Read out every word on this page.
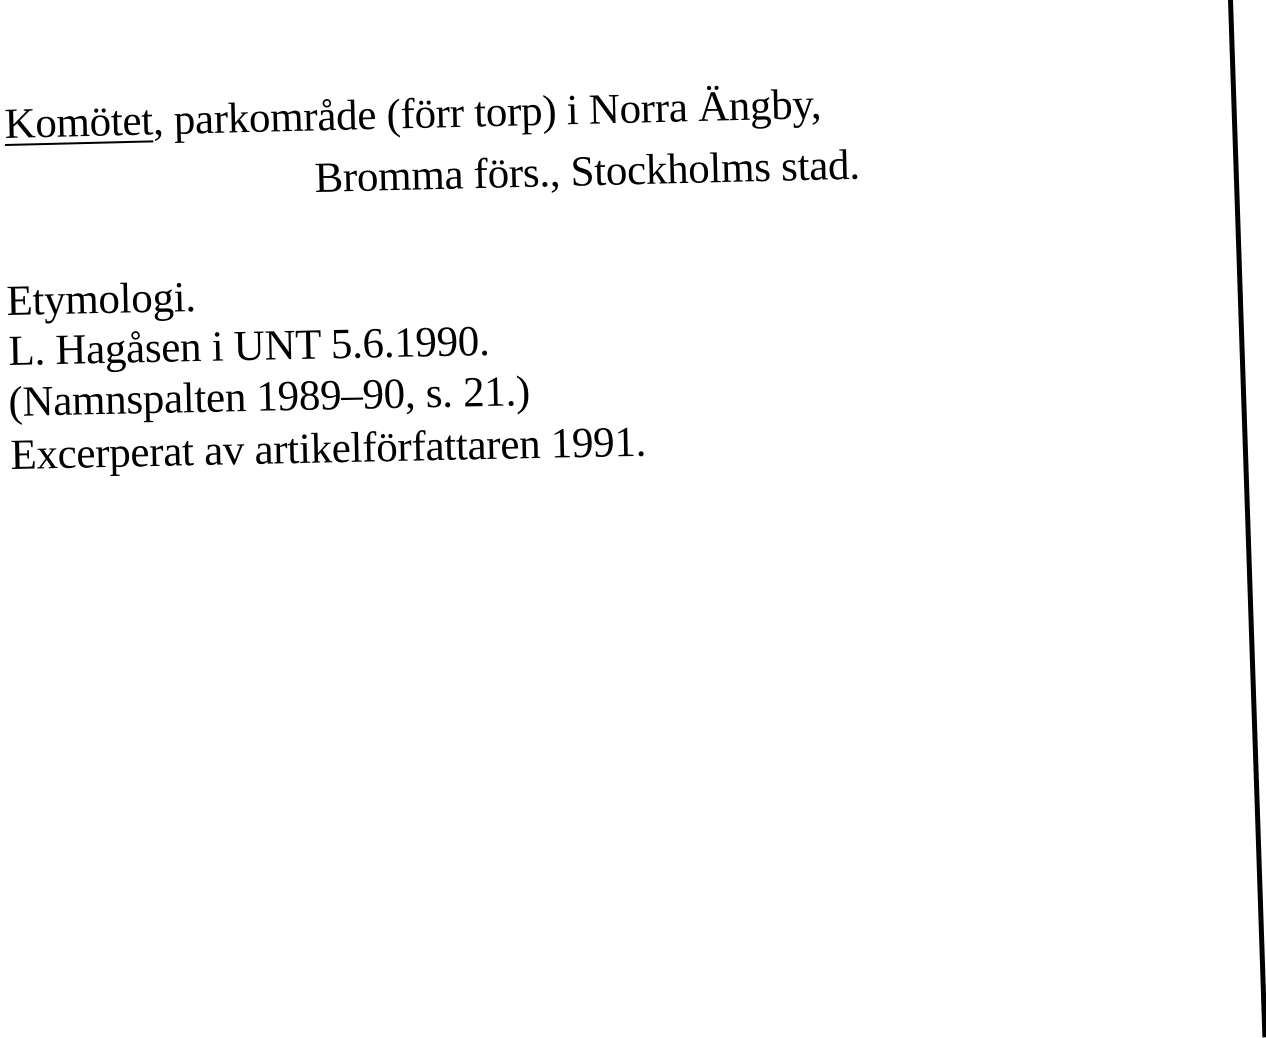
Komötet, parkområde (förr torp) i Norra Ängby,
Bromma förs., Stockholms stad.
Etymologi.
L. Hagåsen i UNT 5.6.1990.
(Namnspalten 1989–90, s. 21.)
Excerperat av artikelförfattaren 1991.
